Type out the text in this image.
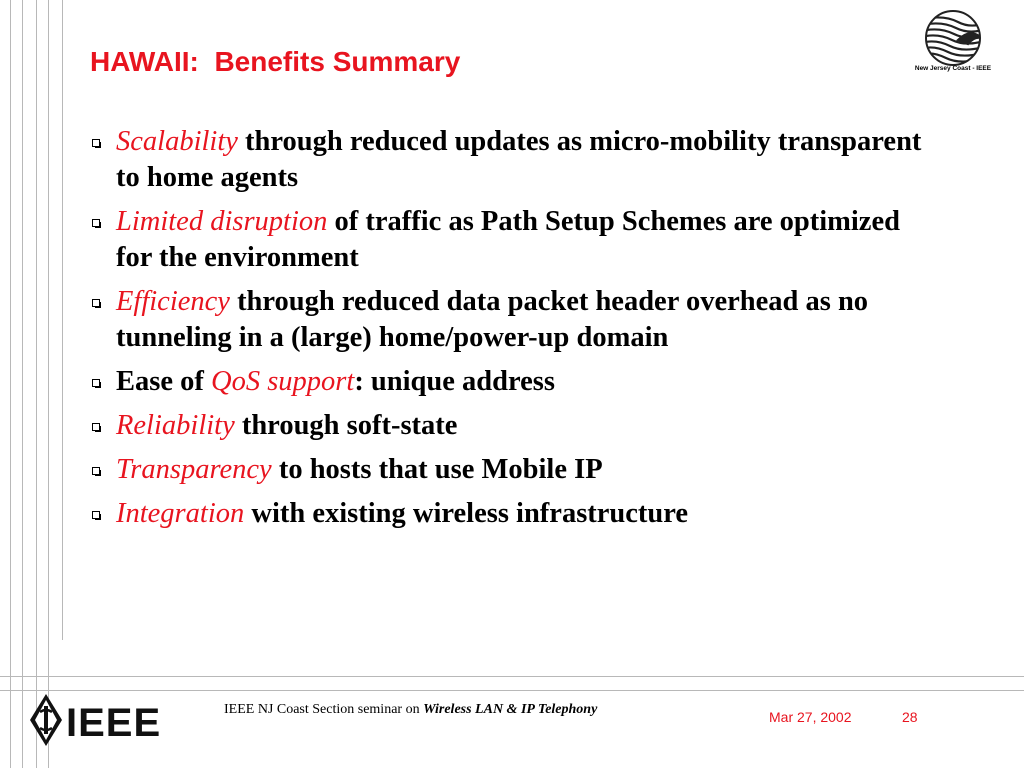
HAWAII:  Benefits Summary	New Jersey Coast - IEEE
Scalability through reduced updates as micro-mobility transparent to home agents
Limited disruption of traffic as Path Setup Schemes are optimized for the environment
Efficiency through reduced data packet header overhead as no tunneling in a (large) home/power-up domain
Ease of QoS support: unique address
Reliability through soft-state
Transparency to hosts that use Mobile IP
Integration with existing wireless infrastructure
IEEE	IEEE NJ Coast Section seminar on Wireless LAN & IP Telephony	Mar 27, 2002	28
